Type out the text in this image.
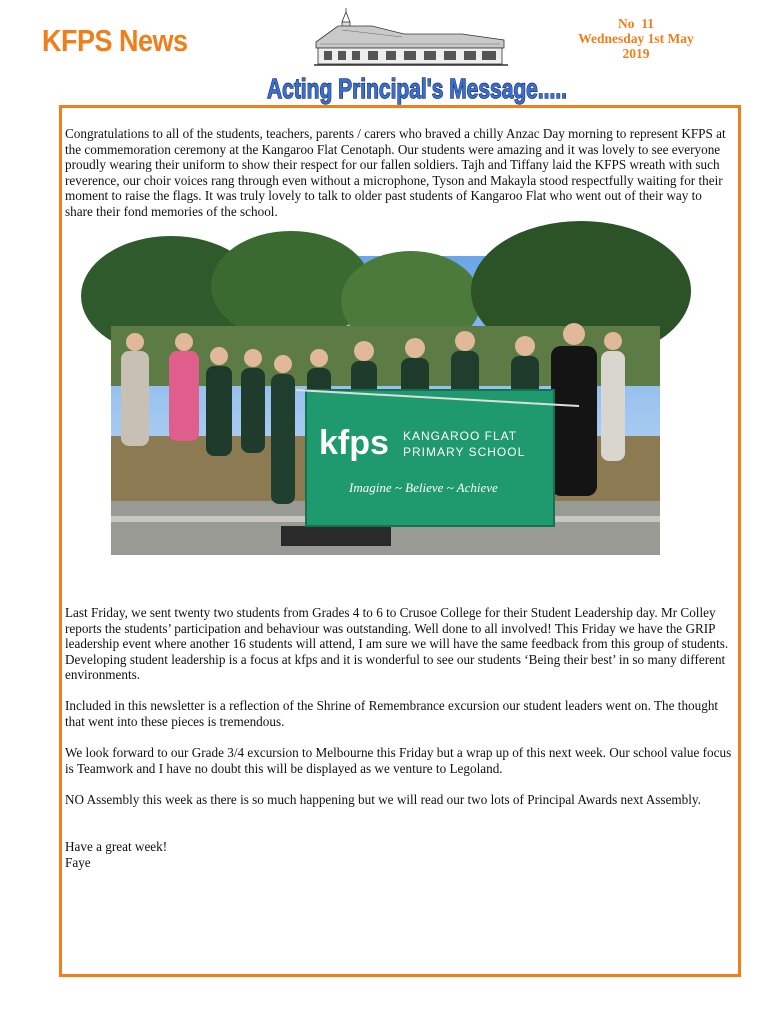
KFPS News
No  11
Wednesday 1st May
2019
Acting Principal's Message.....

Congratulations to all of the students, teachers, parents / carers who braved a chilly Anzac Day morning to represent KFPS at the commemoration ceremony at the Kangaroo Flat Cenotaph. Our students were amazing and it was lovely to see everyone proudly wearing their uniform to show their respect for our fallen soldiers. Tajh and Tiffany laid the KFPS wreath with such reverence, our choir voices rang through even without a microphone, Tyson and Makayla stood respectfully waiting for their moment to raise the flags. It was truly lovely to talk to older past students of Kangaroo Flat who went out of their way to share their fond memories of the school.

kfps KANGAROO FLAT
PRIMARY SCHOOL
Imagine ~ Believe ~ Achieve

Last Friday, we sent twenty two students from Grades 4 to 6 to Crusoe College for their Student Leadership day. Mr Colley reports the students’ participation and behaviour was outstanding. Well done to all involved! This Friday we have the GRIP leadership event where another 16 students will attend, I am sure we will have the same feedback from this group of students. Developing student leadership is a focus at kfps and it is wonderful to see our students ‘Being their best’ in so many different environments.

Included in this newsletter is a reflection of the Shrine of Remembrance excursion our student leaders went on. The thought that went into these pieces is tremendous.

We look forward to our Grade 3/4 excursion to Melbourne this Friday but a wrap up of this next week. Our school value focus is Teamwork and I have no doubt this will be displayed as we venture to Legoland.

NO Assembly this week as there is so much happening but we will read our two lots of Principal Awards next Assembly.

Have a great week!

Faye
